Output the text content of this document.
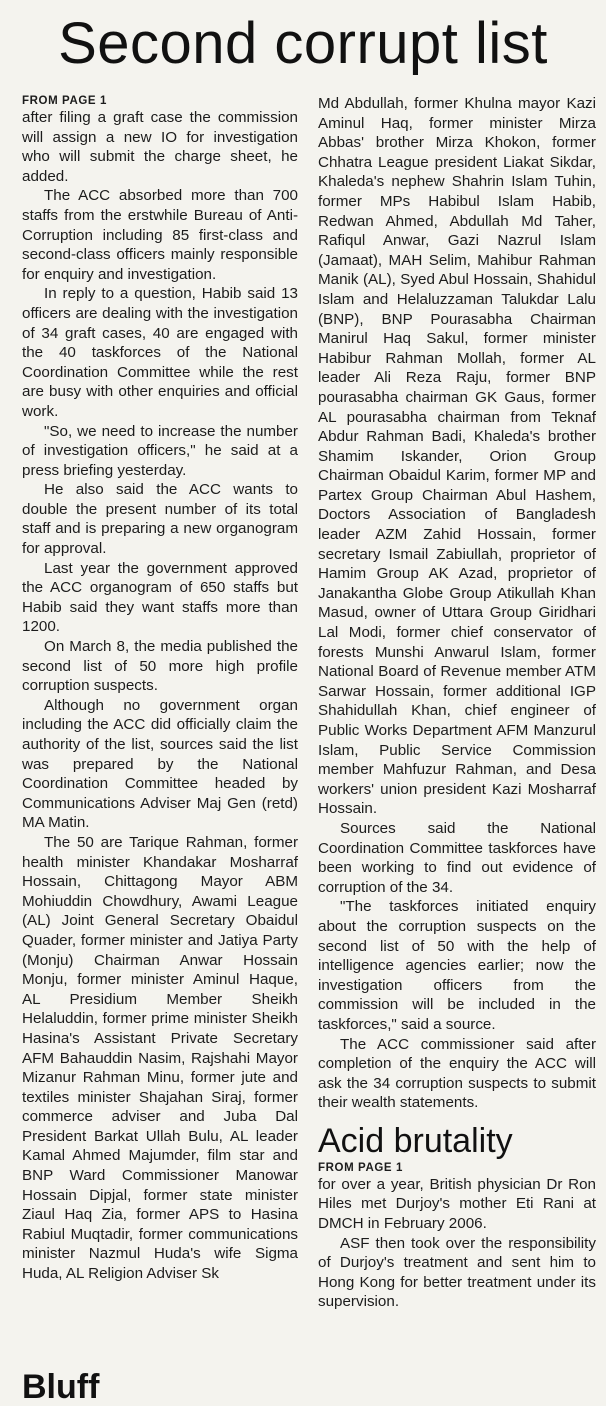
Second corrupt list
FROM PAGE 1

after filing a graft case the commission will assign a new IO for investigation who will submit the charge sheet, he added.

The ACC absorbed more than 700 staffs from the erstwhile Bureau of Anti-Corruption including 85 first-class and second-class officers mainly responsible for enquiry and investigation.

In reply to a question, Habib said 13 officers are dealing with the investigation of 34 graft cases, 40 are engaged with the 40 taskforces of the National Coordination Committee while the rest are busy with other enquiries and official work.

"So, we need to increase the number of investigation officers," he said at a press briefing yesterday.

He also said the ACC wants to double the present number of its total staff and is preparing a new organogram for approval.

Last year the government approved the ACC organogram of 650 staffs but Habib said they want staffs more than 1200.

On March 8, the media published the second list of 50 more high profile corruption suspects.

Although no government organ including the ACC did officially claim the authority of the list, sources said the list was prepared by the National Coordination Committee headed by Communications Adviser Maj Gen (retd) MA Matin.

The 50 are Tarique Rahman, former health minister Khandakar Mosharraf Hossain, Chittagong Mayor ABM Mohiuddin Chowdhury, Awami League (AL) Joint General Secretary Obaidul Quader, former minister and Jatiya Party (Monju) Chairman Anwar Hossain Monju, former minister Aminul Haque, AL Presidium Member Sheikh Helaluddin, former prime minister Sheikh Hasina's Assistant Private Secretary AFM Bahauddin Nasim, Rajshahi Mayor Mizanur Rahman Minu, former jute and textiles minister Shajahan Siraj, former commerce adviser and Juba Dal President Barkat Ullah Bulu, AL leader Kamal Ahmed Majumder, film star and BNP Ward Commissioner Manowar Hossain Dipjal, former state minister Ziaul Haq Zia, former APS to Hasina Rabiul Muqtadir, former communications minister Nazmul Huda's wife Sigma Huda, AL Religion Adviser Sk

Md Abdullah, former Khulna mayor Kazi Aminul Haq, former minister Mirza Abbas' brother Mirza Khokon, former Chhatra League president Liakat Sikdar, Khaleda's nephew Shahrin Islam Tuhin, former MPs Habibul Islam Habib, Redwan Ahmed, Abdullah Md Taher, Rafiqul Anwar, Gazi Nazrul Islam (Jamaat), MAH Selim, Mahibur Rahman Manik (AL), Syed Abul Hossain, Shahidul Islam and Helaluzzaman Talukdar Lalu (BNP), BNP Pourasabha Chairman Manirul Haq Sakul, former minister Habibur Rahman Mollah, former AL leader Ali Reza Raju, former BNP pourasabha chairman GK Gaus, former AL pourasabha chairman from Teknaf Abdur Rahman Badi, Khaleda's brother Shamim Iskander, Orion Group Chairman Obaidul Karim, former MP and Partex Group Chairman Abul Hashem, Doctors Association of Bangladesh leader AZM Zahid Hossain, former secretary Ismail Zabiullah, proprietor of Hamim Group AK Azad, proprietor of Janakantha Globe Group Atikullah Khan Masud, owner of Uttara Group Giridhari Lal Modi, former chief conservator of forests Munshi Anwarul Islam, former National Board of Revenue member ATM Sarwar Hossain, former additional IGP Shahidullah Khan, chief engineer of Public Works Department AFM Manzurul Islam, Public Service Commission member Mahfuzur Rahman, and Desa workers' union president Kazi Mosharraf Hossain.

Sources said the National Coordination Committee taskforces have been working to find out evidence of corruption of the 34.

"The taskforces initiated enquiry about the corruption suspects on the second list of 50 with the help of intelligence agencies earlier; now the investigation officers from the commission will be included in the taskforces," said a source.

The ACC commissioner said after completion of the enquiry the ACC will ask the 34 corruption suspects to submit their wealth statements.

Acid brutality
FROM PAGE 1

for over a year, British physician Dr Ron Hiles met Durjoy's mother Eti Rani at DMCH in February 2006.

ASF then took over the responsibility of Durjoy's treatment and sent him to Hong Kong for better treatment under its supervision.

Bluff
